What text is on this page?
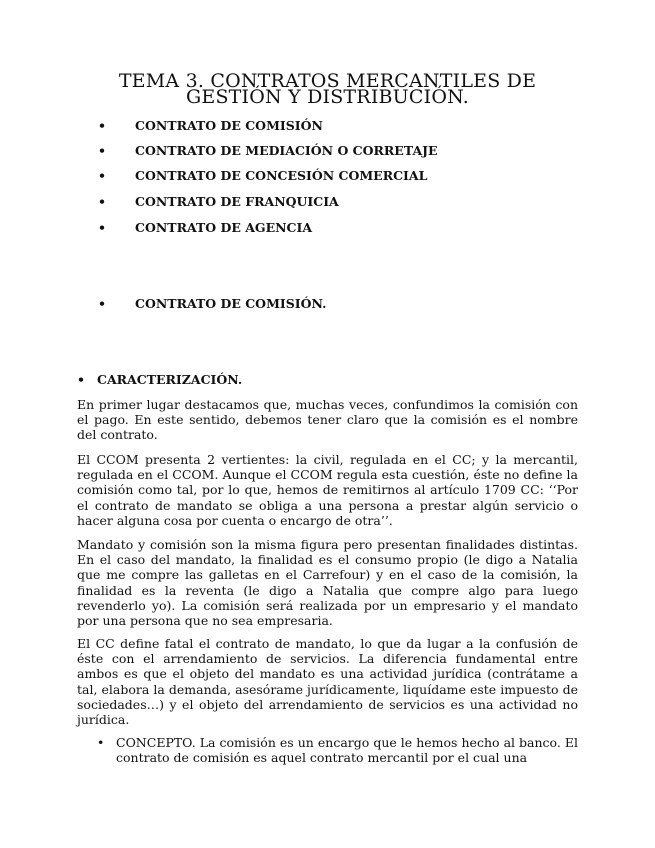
TEMA 3. CONTRATOS MERCANTILES DE GESTIÓN Y DISTRIBUCIÓN.
• CONTRATO DE COMISIÓN
• CONTRATO DE MEDIACIÓN O CORRETAJE
• CONTRATO DE CONCESIÓN COMERCIAL
• CONTRATO DE FRANQUICIA
• CONTRATO DE AGENCIA
• CONTRATO DE COMISIÓN.
• CARACTERIZACIÓN.

En primer lugar destacamos que, muchas veces, confundimos la comisión con el pago. En este sentido, debemos tener claro que la comisión es el nombre del contrato.

El CCOM presenta 2 vertientes: la civil, regulada en el CC; y la mercantil, regulada en el CCOM. Aunque el CCOM regula esta cuestión, éste no define la comisión como tal, por lo que, hemos de remitirnos al artículo 1709 CC: ‘‘Por el contrato de mandato se obliga a una persona a prestar algún servicio o hacer alguna cosa por cuenta o encargo de otra’’.

Mandato y comisión son la misma figura pero presentan finalidades distintas. En el caso del mandato, la finalidad es el consumo propio (le digo a Natalia que me compre las galletas en el Carrefour) y en el caso de la comisión, la finalidad es la reventa (le digo a Natalia que compre algo para luego revenderlo yo). La comisión será realizada por un empresario y el mandato por una persona que no sea empresaria.

El CC define fatal el contrato de mandato, lo que da lugar a la confusión de éste con el arrendamiento de servicios. La diferencia fundamental entre ambos es que el objeto del mandato es una actividad jurídica (contrátame a tal, elabora la demanda, asesórame jurídicamente, liquídame este impuesto de sociedades…) y el objeto del arrendamiento de servicios es una actividad no jurídica.

• CONCEPTO. La comisión es un encargo que le hemos hecho al banco. El contrato de comisión es aquel contrato mercantil por el cual una
